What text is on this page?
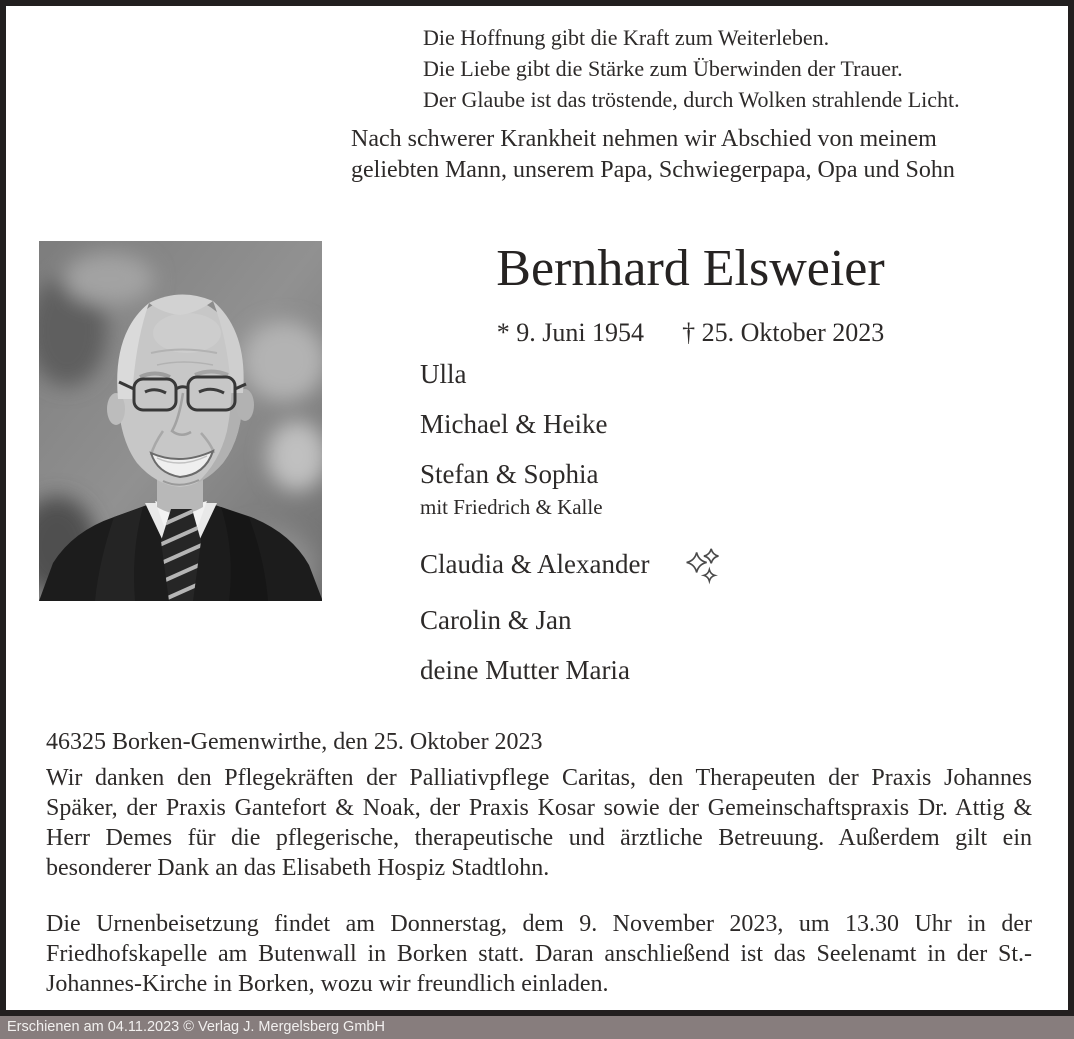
Die Hoffnung gibt die Kraft zum Weiterleben.
Die Liebe gibt die Stärke zum Überwinden der Trauer.
Der Glaube ist das tröstende, durch Wolken strahlende Licht.
Nach schwerer Krankheit nehmen wir Abschied von meinem geliebten Mann, unserem Papa, Schwiegerpapa, Opa und Sohn
Bernhard Elsweier
* 9. Juni 1954 † 25. Oktober 2023
Ulla
Michael & Heike
Stefan & Sophia
mit Friedrich & Kalle
Claudia & Alexander
Carolin & Jan
deine Mutter Maria
46325 Borken-Gemenwirthe, den 25. Oktober 2023

Wir danken den Pflegekräften der Palliativpflege Caritas, den Therapeuten der Praxis Johannes Späker, der Praxis Gantefort & Noak, der Praxis Kosar sowie der Gemeinschaftspraxis Dr. Attig & Herr Demes für die pflegerische, therapeutische und ärztliche Betreuung. Außerdem gilt ein besonderer Dank an das Elisabeth Hospiz Stadtlohn.

Die Urnenbeisetzung findet am Donnerstag, dem 9. November 2023, um 13.30 Uhr in der Friedhofskapelle am Butenwall in Borken statt. Daran anschließend ist das Seelenamt in der St.-Johannes-Kirche in Borken, wozu wir freundlich einladen.

Erschienen am 04.11.2023 © Verlag J. Mergelsberg GmbH
